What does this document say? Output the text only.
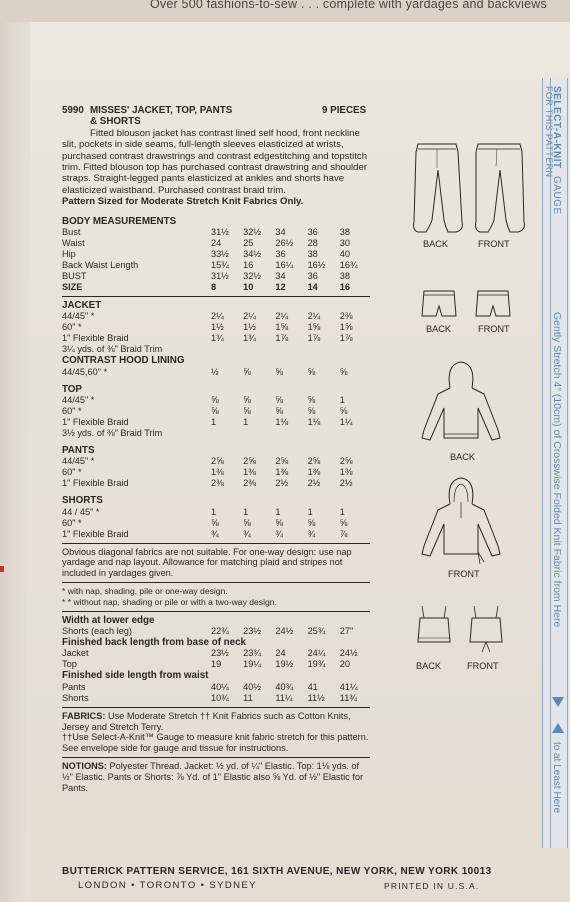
Over 500 fashions-to-sew . . . complete with yardages and backviews
5990 MISSES' JACKET, TOP, PANTS	9 PIECES
& SHORTS
Fitted blouson jacket has contrast lined self hood, front neckline slit, pockets in side seams, full-length sleeves elasticized at wrists, purchased contrast drawstrings and contrast edgestitching and topstitch trim. Fitted blouson top has purchased contrast drawstring and shoulder straps. Straight-legged pants elasticized at ankles and shorts have elasticized waistband. Purchased contrast braid trim.
Pattern Sized for Moderate Stretch Knit Fabrics Only.
BODY MEASUREMENTS
Bust	31½	32½	34	36	38
Waist	24	25	26½	28	30
Hip	33½	34½	36	38	40
Back Waist Length	15¾	16	16¼	16½	16¾
BUST	31½	32½	34	36	38
SIZE	8	10	12	14	16
JACKET
44/45" *	2¼	2¼	2¼	2¼	2⅜
60" *	1½	1½	1⅝	1⅝	1⅝
1" Flexible Braid	1¾	1¾	1⅞	1⅞	1⅞
3¼ yds. of ⅜" Braid Trim
CONTRAST HOOD LINING
44/45,60" *	½	⅝	⅝	⅝	⅝
TOP
44/45" *	⅝	⅝	⅝	⅝	1
60" *	⅝	⅝	⅝	⅝	⅝
1" Flexible Braid	1	1	1⅛	1⅛	1¼
3½ yds. of ⅜" Braid Trim
PANTS
44/45" *	2⅝	2⅝	2⅝	2⅝	2⅝
60" *	1⅜	1⅜	1⅜	1⅜	1⅜
1" Flexible Braid	2⅜	2⅜	2½	2½	2½
SHORTS
44 / 45" *	1	1	1	1	1
60" *	⅝	⅝	⅝	⅝	⅝
1" Flexible Braid	¾	¾	¾	¾	⅞
Obvious diagonal fabrics are not suitable. For one-way design: use nap yardage and nap layout. Allowance for matching plaid and stripes not included in yardages given.
* with nap, shading, pile or one-way design.
* * without nap, shading or pile or with a two-way design.
Width at lower edge
Shorts (each leg)	22¾	23½	24½	25¾	27"
Finished back length from base of neck
Jacket	23½	23¾	24	24¼	24½
Top	19	19¼	19½	19¾	20
Finished side length from waist
Pants	40¼	40½	40¾	41	41¼
Shorts	10¾	11	11¼	11½	11¾
FABRICS: Use Moderate Stretch †† Knit Fabrics such as Cotton Knits, Jersey and Stretch Terry.
††Use Select-A-Knit™ Gauge to measure knit fabric stretch for this pattern. See envelope side for gauge and tissue for instructions.
NOTIONS: Polyester Thread. Jacket: ½ yd. of ¼" Elastic. Top: 1⅛ yds. of ½" Elastic. Pants or Shorts: ⅞ Yd. of 1" Elastic also ⅝ Yd. of ½" Elastic for Pants.
BUTTERICK PATTERN SERVICE, 161 SIXTH AVENUE, NEW YORK, NEW YORK 10013
LONDON • TORONTO • SYDNEY	PRINTED IN U.S.A.
BACK	FRONT
BACK	FRONT
BACK
FRONT
BACK	FRONT
SELECT-A-KNIT
FOR THIS PATTERN
GAUGE
Gently Stretch 4" (10cm) of Crosswise Folded Knit Fabric from Here
to at Least Here
